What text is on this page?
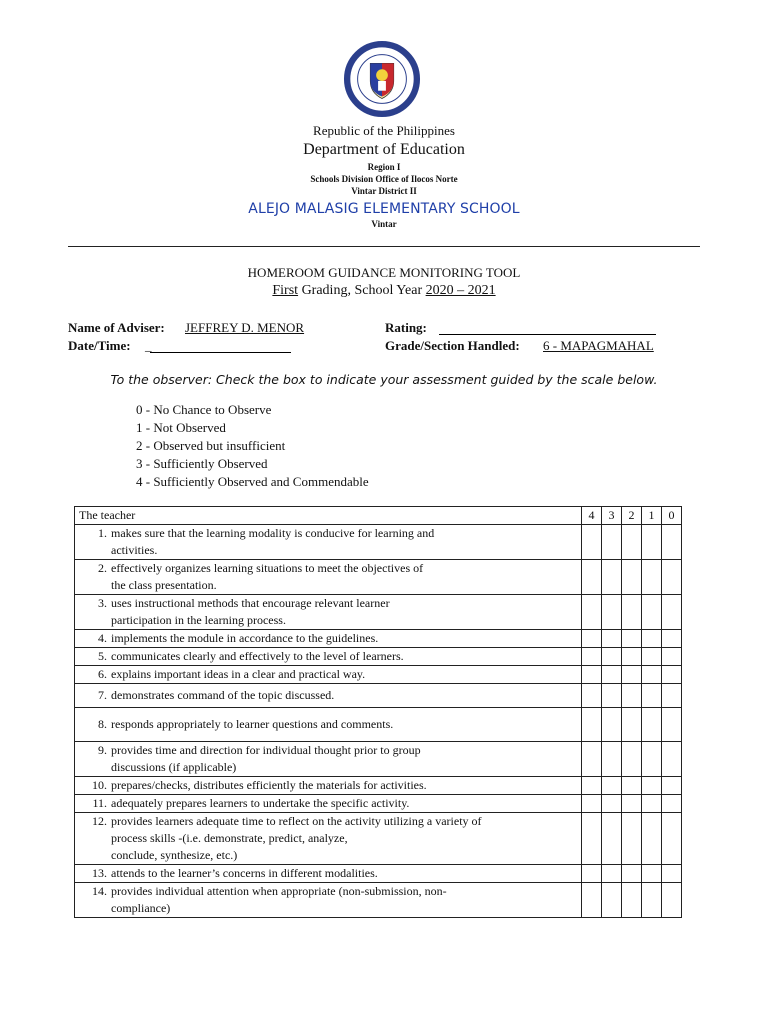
Republic of the Philippines
Department of Education
Region I
Schools Division Office of Ilocos Norte
Vintar District II
ALEJO MALASIG ELEMENTARY SCHOOL
Vintar
HOMEROOM GUIDANCE MONITORING TOOL
First Grading, School Year 2020 – 2021
Name of Adviser: JEFFREY D. MENOR	Rating:
Date/Time: _	Grade/Section Handled: 6 - MAPAGMAHAL
To the observer: Check the box to indicate your assessment guided by the scale below.
0 - No Chance to Observe
1 - Not Observed
2 - Observed but insufficient
3 - Sufficiently Observed
4 - Sufficiently Observed and Commendable
The teacher	4	3	2	1	0

1. makes sure that the learning modality is conducive for learning and
activities.					

2. effectively organizes learning situations to meet the objectives of
the class presentation.					

3. uses instructional methods that encourage relevant learner
participation in the learning process.					

4. implements the module in accordance to the guidelines.					

5. communicates clearly and effectively to the level of learners.					

6. explains important ideas in a clear and practical way.					

7. demonstrates command of the topic discussed.					

8. responds appropriately to learner questions and comments.					

9. provides time and direction for individual thought prior to group
discussions (if applicable)					

10. prepares/checks, distributes efficiently the materials for activities.					

11. adequately prepares learners to undertake the specific activity.					

12. provides learners adequate time to reflect on the activity utilizing a variety of
process skills -(i.e. demonstrate, predict, analyze,
conclude, synthesize, etc.)					

13. attends to the learner’s concerns in different modalities.					

14. provides individual attention when appropriate (non-submission, non-
compliance)					
